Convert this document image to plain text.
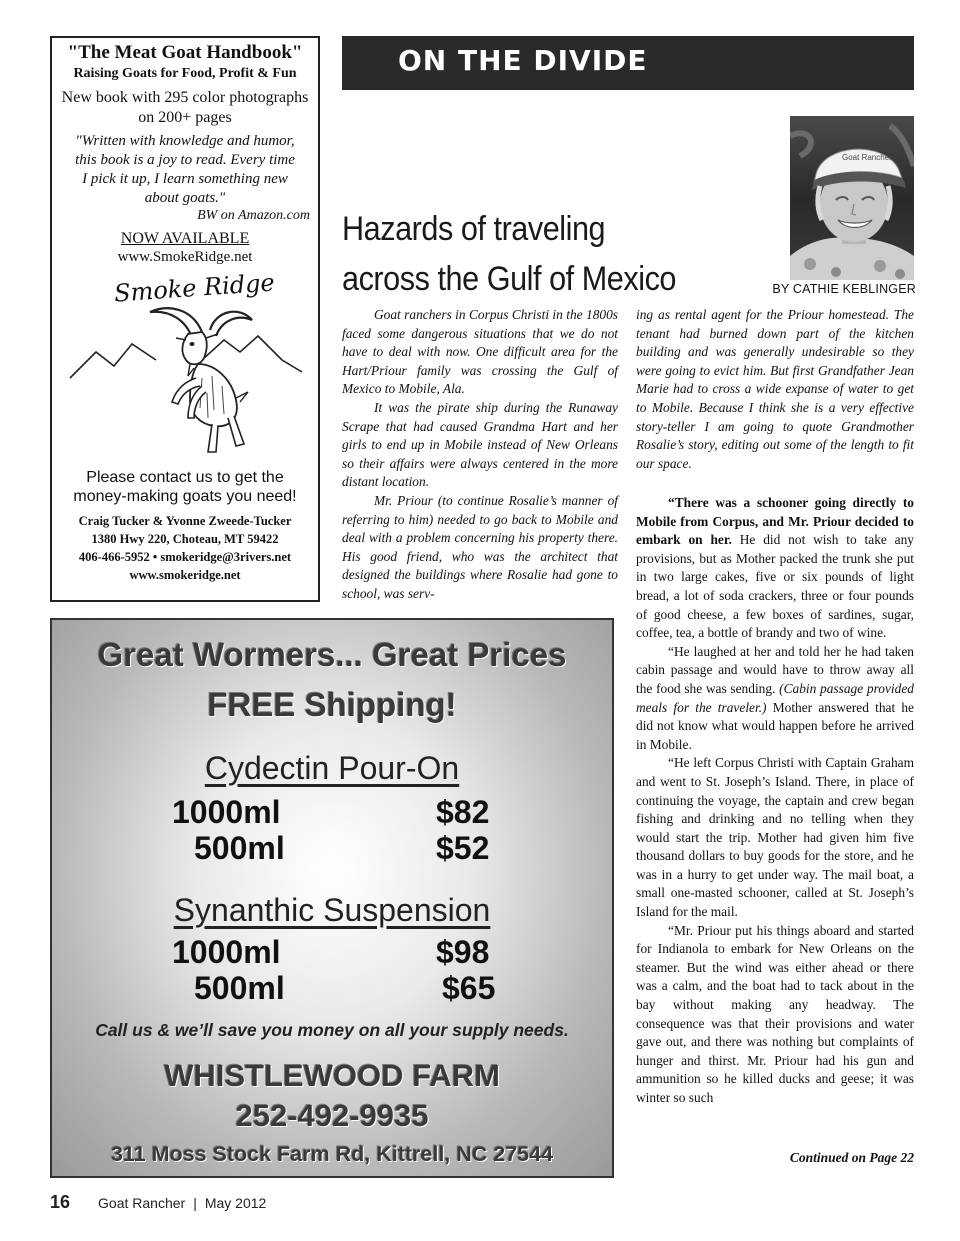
"The Meat Goat Handbook"
Raising Goats for Food, Profit & Fun
New book with 295 color photographs
on 200+ pages
"Written with knowledge and humor,
this book is a joy to read. Every time
I pick it up, I learn something new
about goats."
BW on Amazon.com
NOW AVAILABLE
www.SmokeRidge.net
Smoke Ridge
Please contact us to get the
money-making goats you need!
Craig Tucker & Yvonne Zweede-Tucker
1380 Hwy 220, Choteau, MT 59422
406-466-5952 • smokeridge@3rivers.net
www.smokeridge.net
ON THE DIVIDE
Goat Rancher
Hazards of traveling
across the Gulf of Mexico	BY CATHIE KEBLINGER

Goat ranchers in Corpus Christi in the 1800s faced some dangerous situations that we do not have to deal with now. One difficult area for the Hart/Priour family was crossing the Gulf of Mexico to Mobile, Ala.

It was the pirate ship during the Runaway Scrape that had caused Grandma Hart and her girls to end up in Mobile instead of New Orleans so their affairs were always centered in the more distant location.

Mr. Priour (to continue Rosalie’s manner of referring to him) needed to go back to Mobile and deal with a problem concerning his property there. His good friend, who was the architect that designed the buildings where Rosalie had gone to school, was serv-

ing as rental agent for the Priour homestead. The tenant had burned down part of the kitchen building and was generally undesirable so they were going to evict him. But first Grandfather Jean Marie had to cross a wide expanse of water to get to Mobile. Because I think she is a very effective story-teller I am going to quote Grandmother Rosalie’s story, editing out some of the length to fit our space.

“There was a schooner going directly to Mobile from Corpus, and Mr. Priour decided to embark on her. He did not wish to take any provisions, but as Mother packed the trunk she put in two large cakes, five or six pounds of light bread, a lot of soda crackers, three or four pounds of good cheese, a few boxes of sardines, sugar, coffee, tea, a bottle of brandy and two of wine.

“He laughed at her and told her he had taken cabin passage and would have to throw away all the food she was sending. (Cabin passage provided meals for the traveler.) Mother answered that he did not know what would happen before he arrived in Mobile.

“He left Corpus Christi with Captain Graham and went to St. Joseph’s Island. There, in place of continuing the voyage, the captain and crew began fishing and drinking and no telling when they would start the trip. Mother had given him five thousand dollars to buy goods for the store, and he was in a hurry to get under way. The mail boat, a small one-masted schooner, called at St. Joseph’s Island for the mail.

“Mr. Priour put his things aboard and started for Indianola to embark for New Orleans on the steamer. But the wind was either ahead or there was a calm, and the boat had to tack about in the bay without making any headway. The consequence was that their provisions and water gave out, and there was nothing but complaints of hunger and thirst. Mr. Priour had his gun and ammunition so he killed ducks and geese; it was winter so such

Continued on Page 22
Great Wormers... Great Prices
FREE Shipping!
Cydectin Pour-On
1000ml	$82
500ml	$52
Synanthic Suspension
1000ml	$98
500ml	$65
Call us & we’ll save you money on all your supply needs.
WHISTLEWOOD FARM
252-492-9935
311 Moss Stock Farm Rd, Kittrell, NC 27544
16 Goat Rancher | May 2012
